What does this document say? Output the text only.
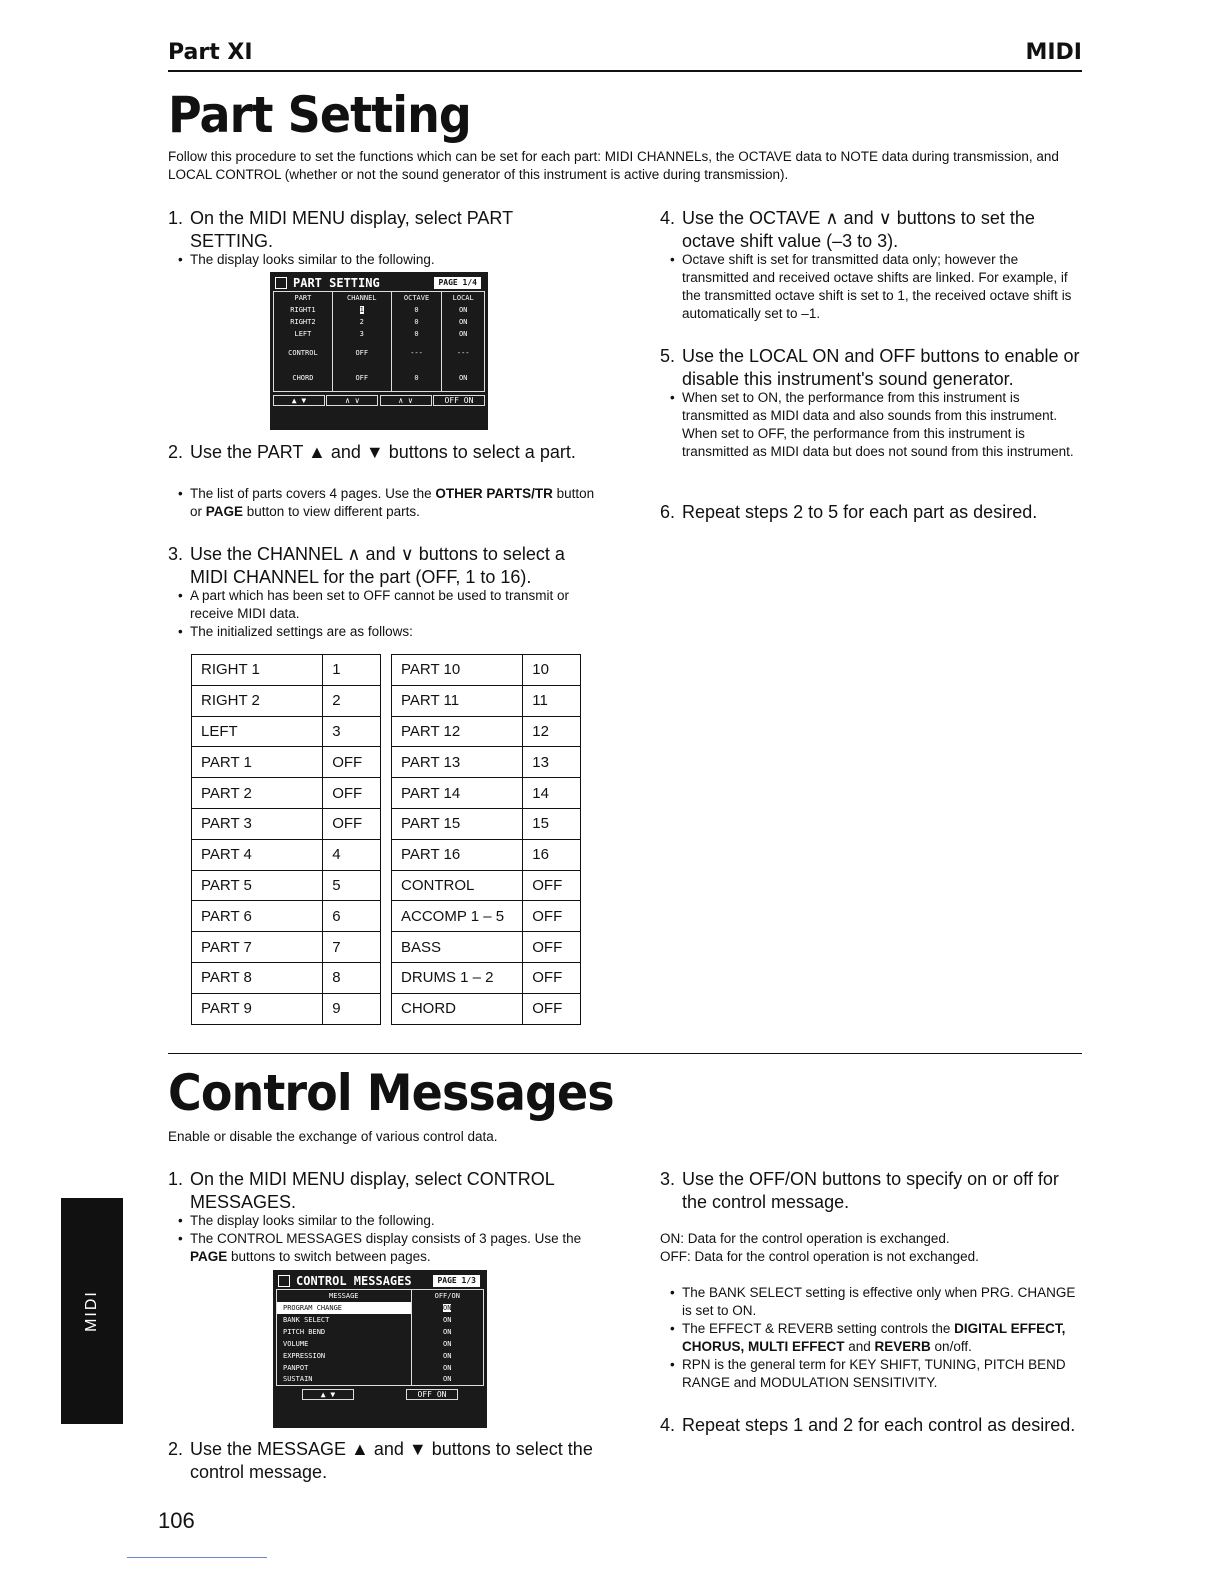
Part XI	MIDI
Part Setting
Follow this procedure to set the functions which can be set for each part: MIDI CHANNELs, the OCTAVE data to NOTE data during transmission, and LOCAL CONTROL (whether or not the sound generator of this instrument is active during transmission).
1. On the MIDI MENU display, select PART SETTING.
• The display looks similar to the following.
PART SETTING	PAGE 1/4
PART	CHANNEL	OCTAVE	LOCAL
RIGHT1	1	0	ON
RIGHT2	2	0	ON
LEFT	3	0	ON
CONTROL	OFF	---	---
CHORD	OFF	0	ON
▲ ▼	∧ ∨	∧ ∨	OFF ON
2. Use the PART ▲ and ▼ buttons to select a part.
• The list of parts covers 4 pages. Use the OTHER PARTS/TR button or PAGE button to view different parts.
3. Use the CHANNEL ∧ and ∨ buttons to select a MIDI CHANNEL for the part (OFF, 1 to 16).
• A part which has been set to OFF cannot be used to transmit or receive MIDI data.
• The initialized settings are as follows:
RIGHT 1	1
RIGHT 2	2
LEFT	3
PART 1	OFF
PART 2	OFF
PART 3	OFF
PART 4	4
PART 5	5
PART 6	6
PART 7	7
PART 8	8
PART 9	9
PART 10	10
PART 11	11
PART 12	12
PART 13	13
PART 14	14
PART 15	15
PART 16	16
CONTROL	OFF
ACCOMP 1 – 5	OFF
BASS	OFF
DRUMS 1 – 2	OFF
CHORD	OFF
4. Use the OCTAVE ∧ and ∨ buttons to set the octave shift value (–3 to 3).
• Octave shift is set for transmitted data only; however the transmitted and received octave shifts are linked. For example, if the transmitted octave shift is set to 1, the received octave shift is automatically set to –1.
5. Use the LOCAL ON and OFF buttons to enable or disable this instrument's sound generator.
• When set to ON, the performance from this instrument is transmitted as MIDI data and also sounds from this instrument. When set to OFF, the performance from this instrument is transmitted as MIDI data but does not sound from this instrument.
6. Repeat steps 2 to 5 for each part as desired.
Control Messages
Enable or disable the exchange of various control data.
1. On the MIDI MENU display, select CONTROL MESSAGES.
• The display looks similar to the following.
• The CONTROL MESSAGES display consists of 3 pages. Use the PAGE buttons to switch between pages.
CONTROL MESSAGES	PAGE 1/3
MESSAGE	OFF/ON
PROGRAM CHANGE	ON
BANK SELECT	ON
PITCH BEND	ON
VOLUME	ON
EXPRESSION	ON
PANPOT	ON
SUSTAIN	ON
▲ ▼	OFF ON
2. Use the MESSAGE ▲ and ▼ buttons to select the control message.
3. Use the OFF/ON buttons to specify on or off for the control message.
ON: Data for the control operation is exchanged.
OFF: Data for the control operation is not exchanged.
• The BANK SELECT setting is effective only when PRG. CHANGE is set to ON.
• The EFFECT & REVERB setting controls the DIGITAL EFFECT, CHORUS, MULTI EFFECT and REVERB on/off.
• RPN is the general term for KEY SHIFT, TUNING, PITCH BEND RANGE and MODULATION SENSITIVITY.
4. Repeat steps 1 and 2 for each control as desired.
MIDI
106
